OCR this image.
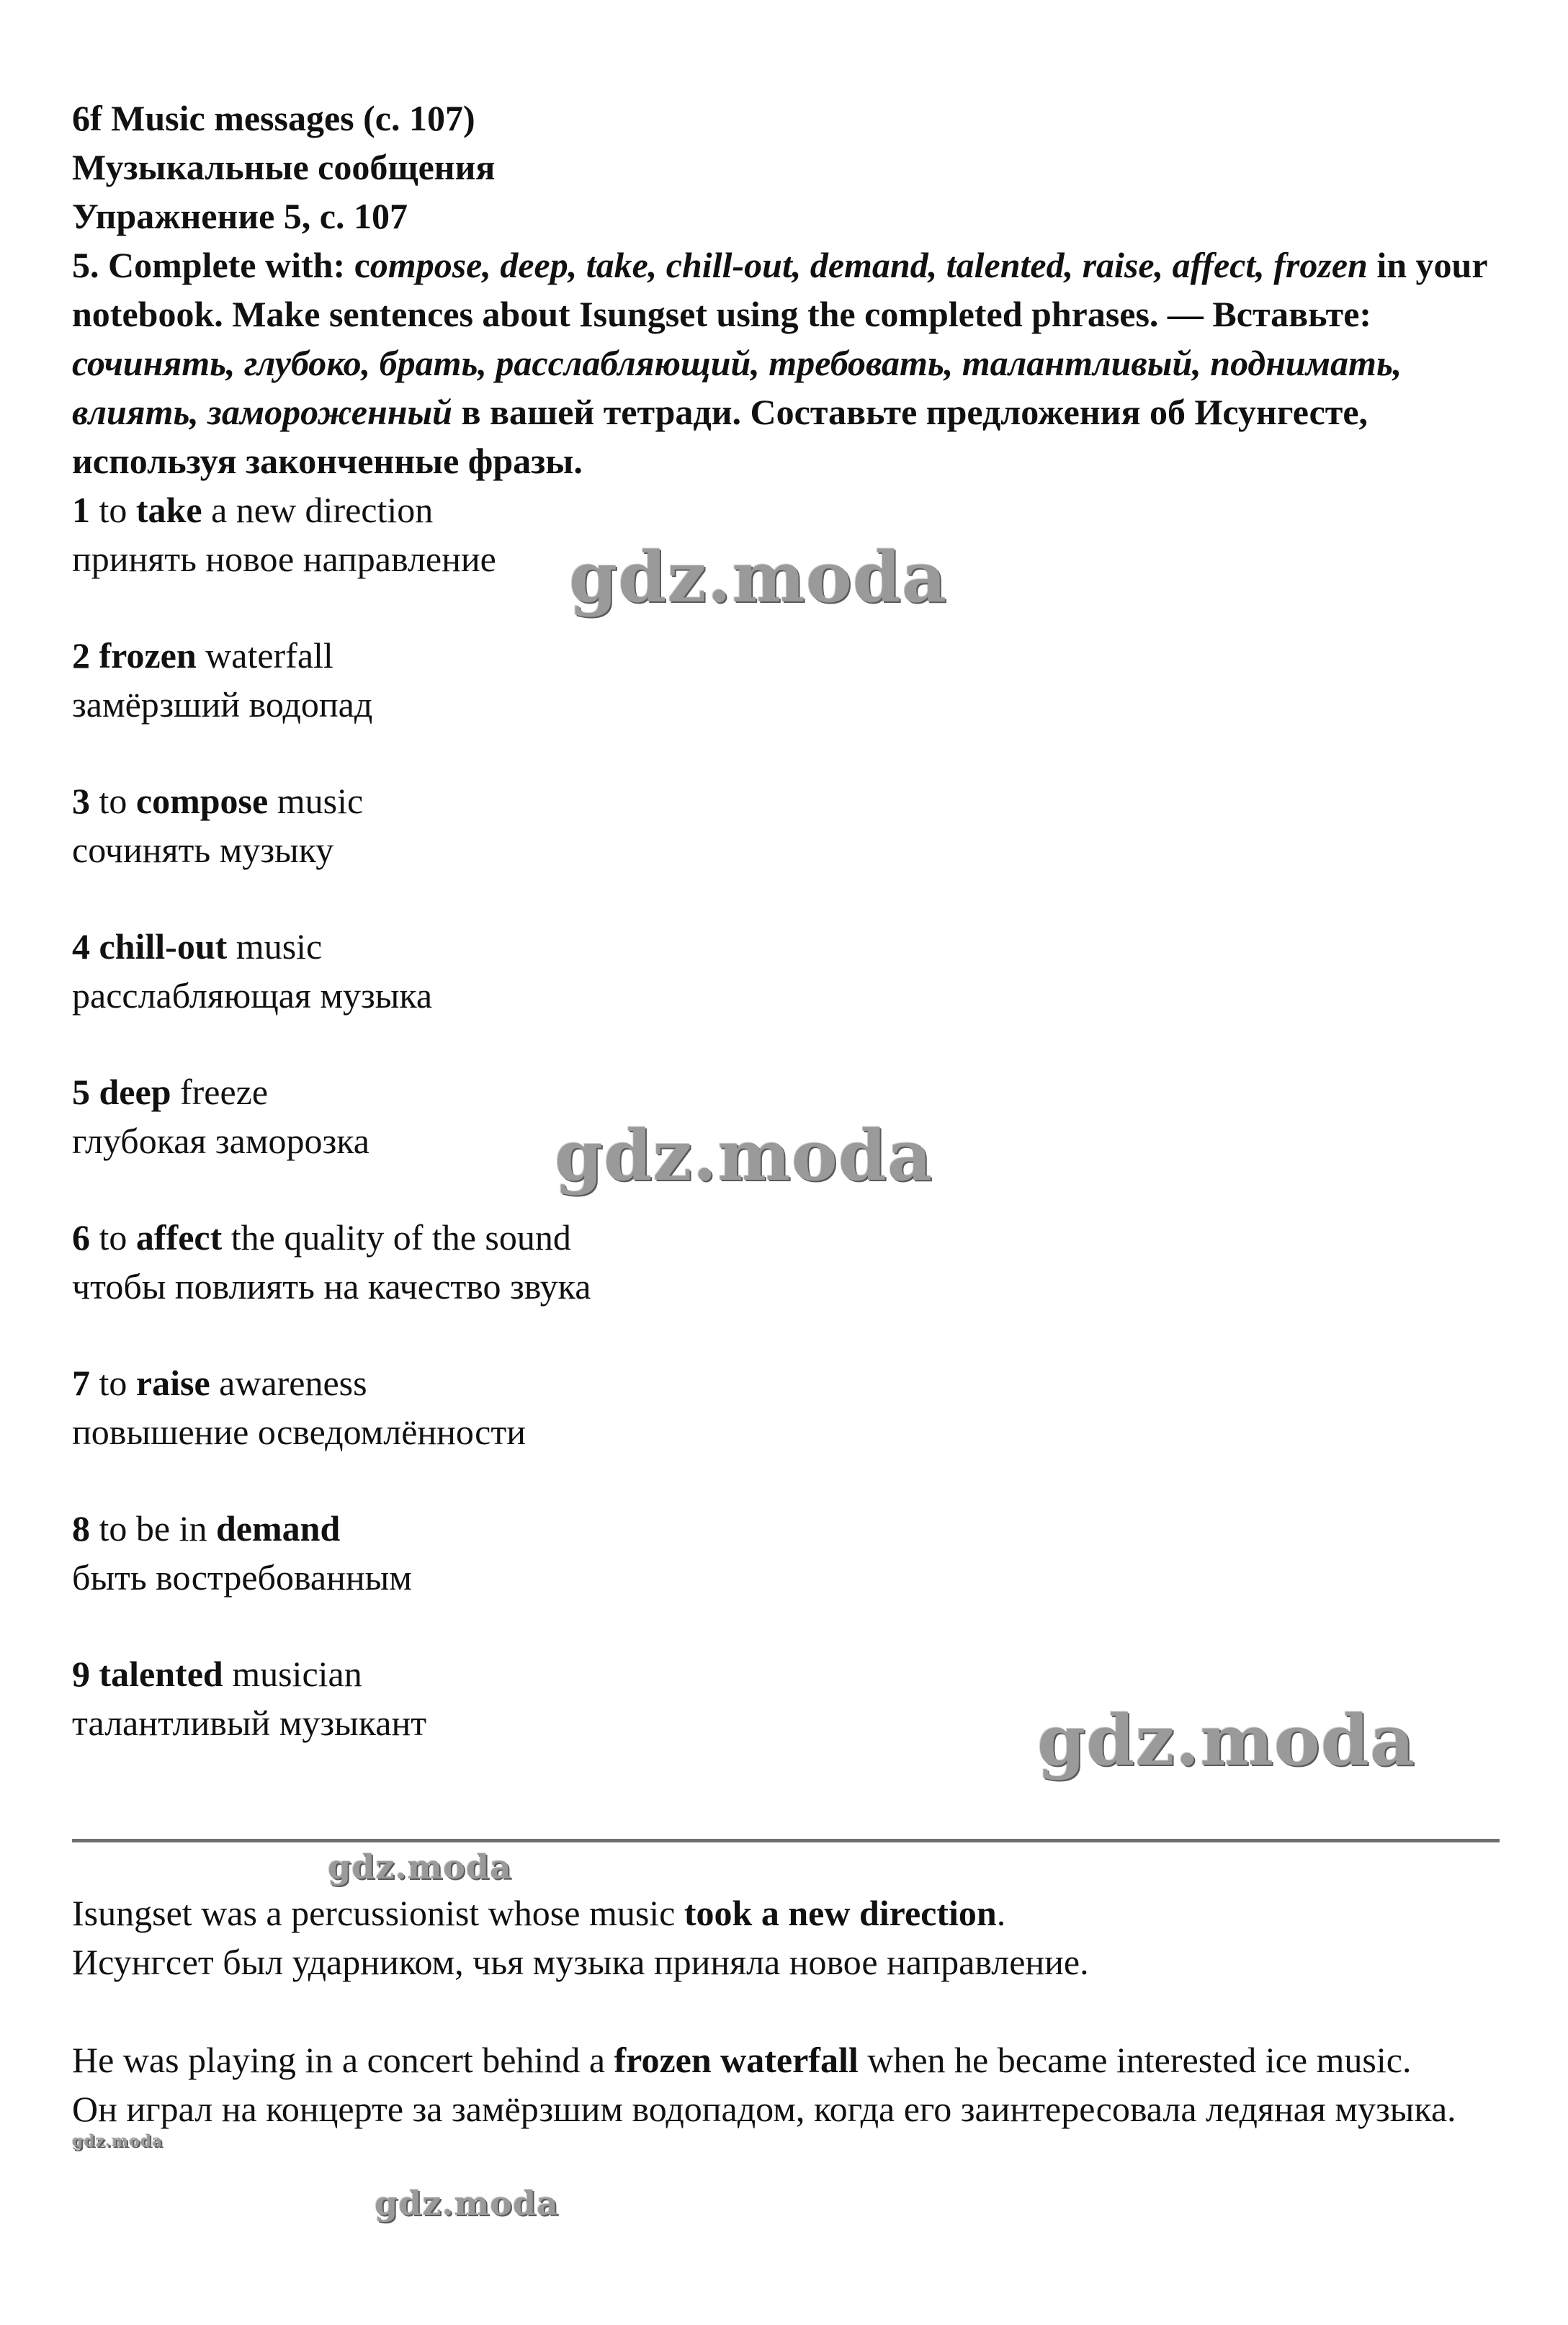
6f Music messages (с. 107)
Музыкальные сообщения
Упражнение 5, с. 107
5. Complete with: compose, deep, take, chill-out, demand, talented, raise, affect, frozen in your notebook. Make sentences about Isungset using the completed phrases. — Вставьте: сочинять, глубоко, брать, расслабляющий, требовать, талантливый, поднимать, влиять, замороженный в вашей тетради. Составьте предложения об Исунгесте, используя законченные фразы.
1 to take a new direction
принять новое направление
2 frozen waterfall
замёрзший водопад
3 to compose music
сочинять музыку
4 chill-out music
расслабляющая музыка
5 deep freeze
глубокая заморозка
6 to affect the quality of the sound
чтобы повлиять на качество звука
7 to raise awareness
повышение осведомлённости
8 to be in demand
быть востребованным
9 talented musician
талантливый музыкант

Isungset was a percussionist whose music took a new direction.

Исунгсет был ударником, чья музыка приняла новое направление.

He was playing in a concert behind a frozen waterfall when he became interested ice music.

Он играл на концерте за замёрзшим водопадом, когда его заинтересовала ледяная музыка.

gdz.moda
gdz.moda
gdz.moda
gdz.moda
gdz.moda
gdz.moda
